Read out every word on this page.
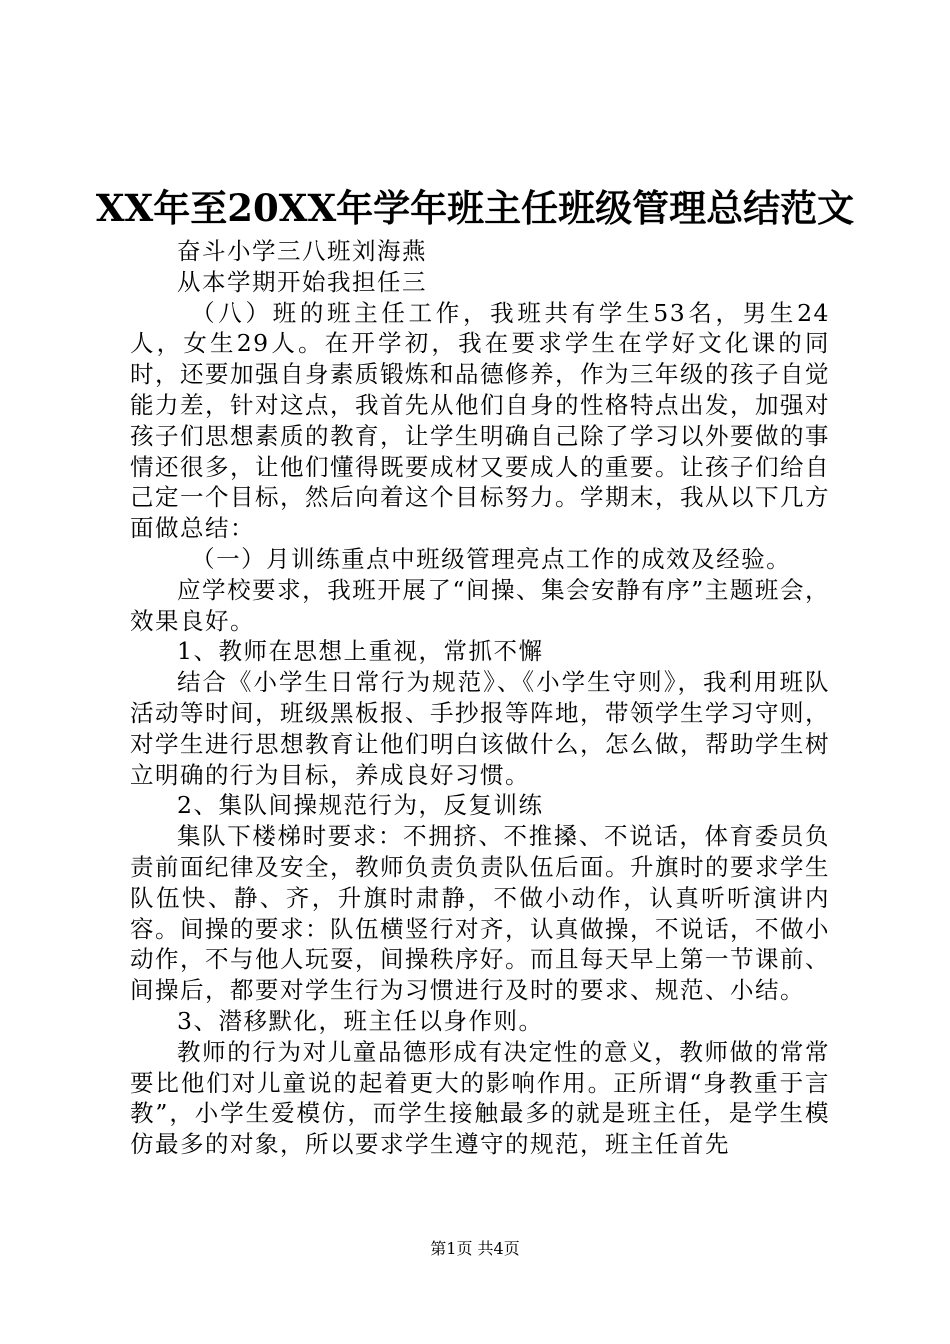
XX年至20XX年学年班主任班级管理总结范文

奋斗小学三八班刘海燕

从本学期开始我担任三

（八）班的班主任工作，我班共有学生53名，男生24人，女生29人。在开学初，我在要求学生在学好文化课的同时，还要加强自身素质锻炼和品德修养，作为三年级的孩子自觉能力差，针对这点，我首先从他们自身的性格特点出发，加强对孩子们思想素质的教育，让学生明确自己除了学习以外要做的事情还很多，让他们懂得既要成材又要成人的重要。让孩子们给自己定一个目标，然后向着这个目标努力。学期末，我从以下几方面做总结：

（一）月训练重点中班级管理亮点工作的成效及经验。

应学校要求，我班开展了“间操、集会安静有序”主题班会，效果良好。

1、教师在思想上重视，常抓不懈

结合《小学生日常行为规范》、《小学生守则》，我利用班队活动等时间，班级黑板报、手抄报等阵地，带领学生学习守则，对学生进行思想教育让他们明白该做什么，怎么做，帮助学生树立明确的行为目标，养成良好习惯。

2、集队间操规范行为，反复训练

集队下楼梯时要求：不拥挤、不推搡、不说话，体育委员负责前面纪律及安全，教师负责负责队伍后面。升旗时的要求学生队伍快、静、齐，升旗时肃静，不做小动作，认真听听演讲内容。间操的要求：队伍横竖行对齐，认真做操，不说话，不做小动作，不与他人玩耍，间操秩序好。而且每天早上第一节课前、间操后，都要对学生行为习惯进行及时的要求、规范、小结。

3、潜移默化，班主任以身作则。

教师的行为对儿童品德形成有决定性的意义，教师做的常常要比他们对儿童说的起着更大的影响作用。正所谓“身教重于言教”，小学生爱模仿，而学生接触最多的就是班主任，是学生模仿最多的对象，所以要求学生遵守的规范，班主任首先

第1页 共4页
